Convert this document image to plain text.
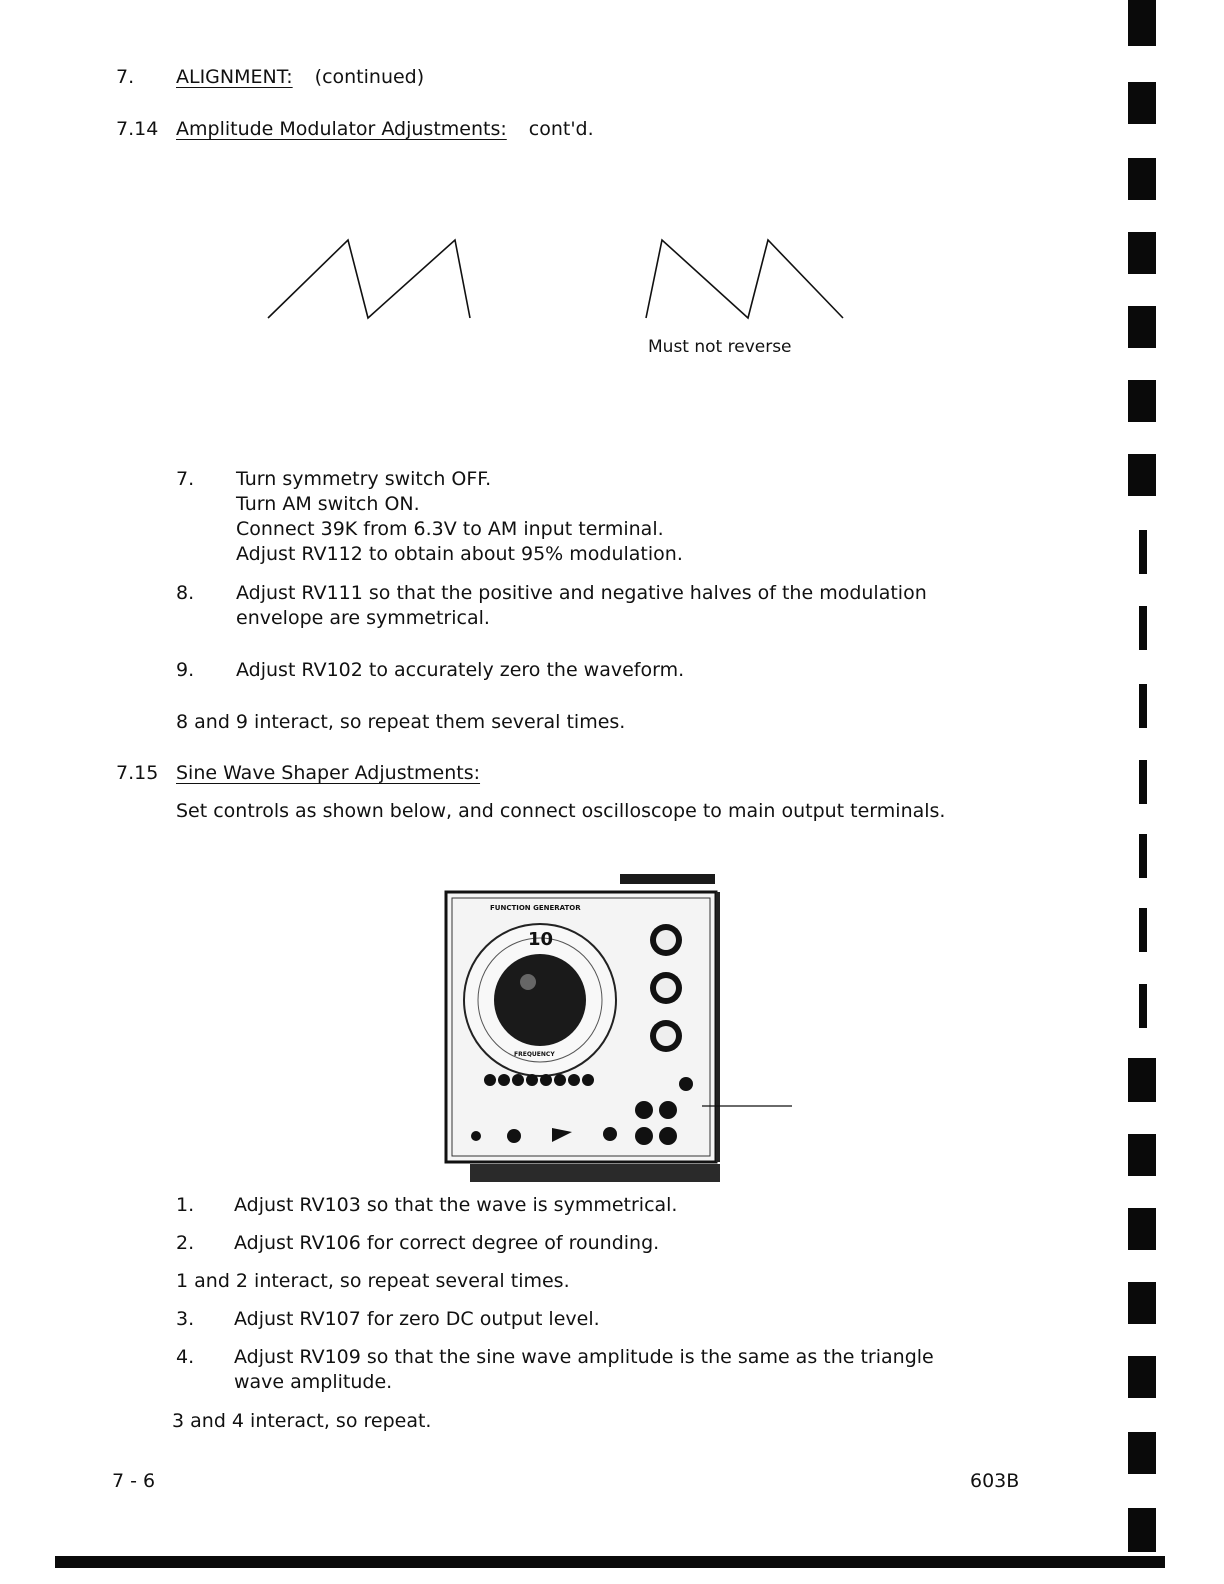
7. ALIGNMENT: (continued)
7.14 Amplitude Modulator Adjustments: cont'd.
Must not reverse
7. Turn symmetry switch OFF.
Turn AM switch ON.
Connect 39K from 6.3V to AM input terminal.
Adjust RV112 to obtain about 95% modulation.
8. Adjust RV111 so that the positive and negative halves of the modulation
envelope are symmetrical.
9. Adjust RV102 to accurately zero the waveform.
8 and 9 interact, so repeat them several times.
7.15 Sine Wave Shaper Adjustments:
Set controls as shown below, and connect oscilloscope to main output terminals.
FUNCTION GENERATOR
10
FREQUENCY
1. Adjust RV103 so that the wave is symmetrical.
2. Adjust RV106 for correct degree of rounding.
1 and 2 interact, so repeat several times.
3. Adjust RV107 for zero DC output level.
4. Adjust RV109 so that the sine wave amplitude is the same as the triangle
wave amplitude.
3 and 4 interact, so repeat.
7 - 6	603B
